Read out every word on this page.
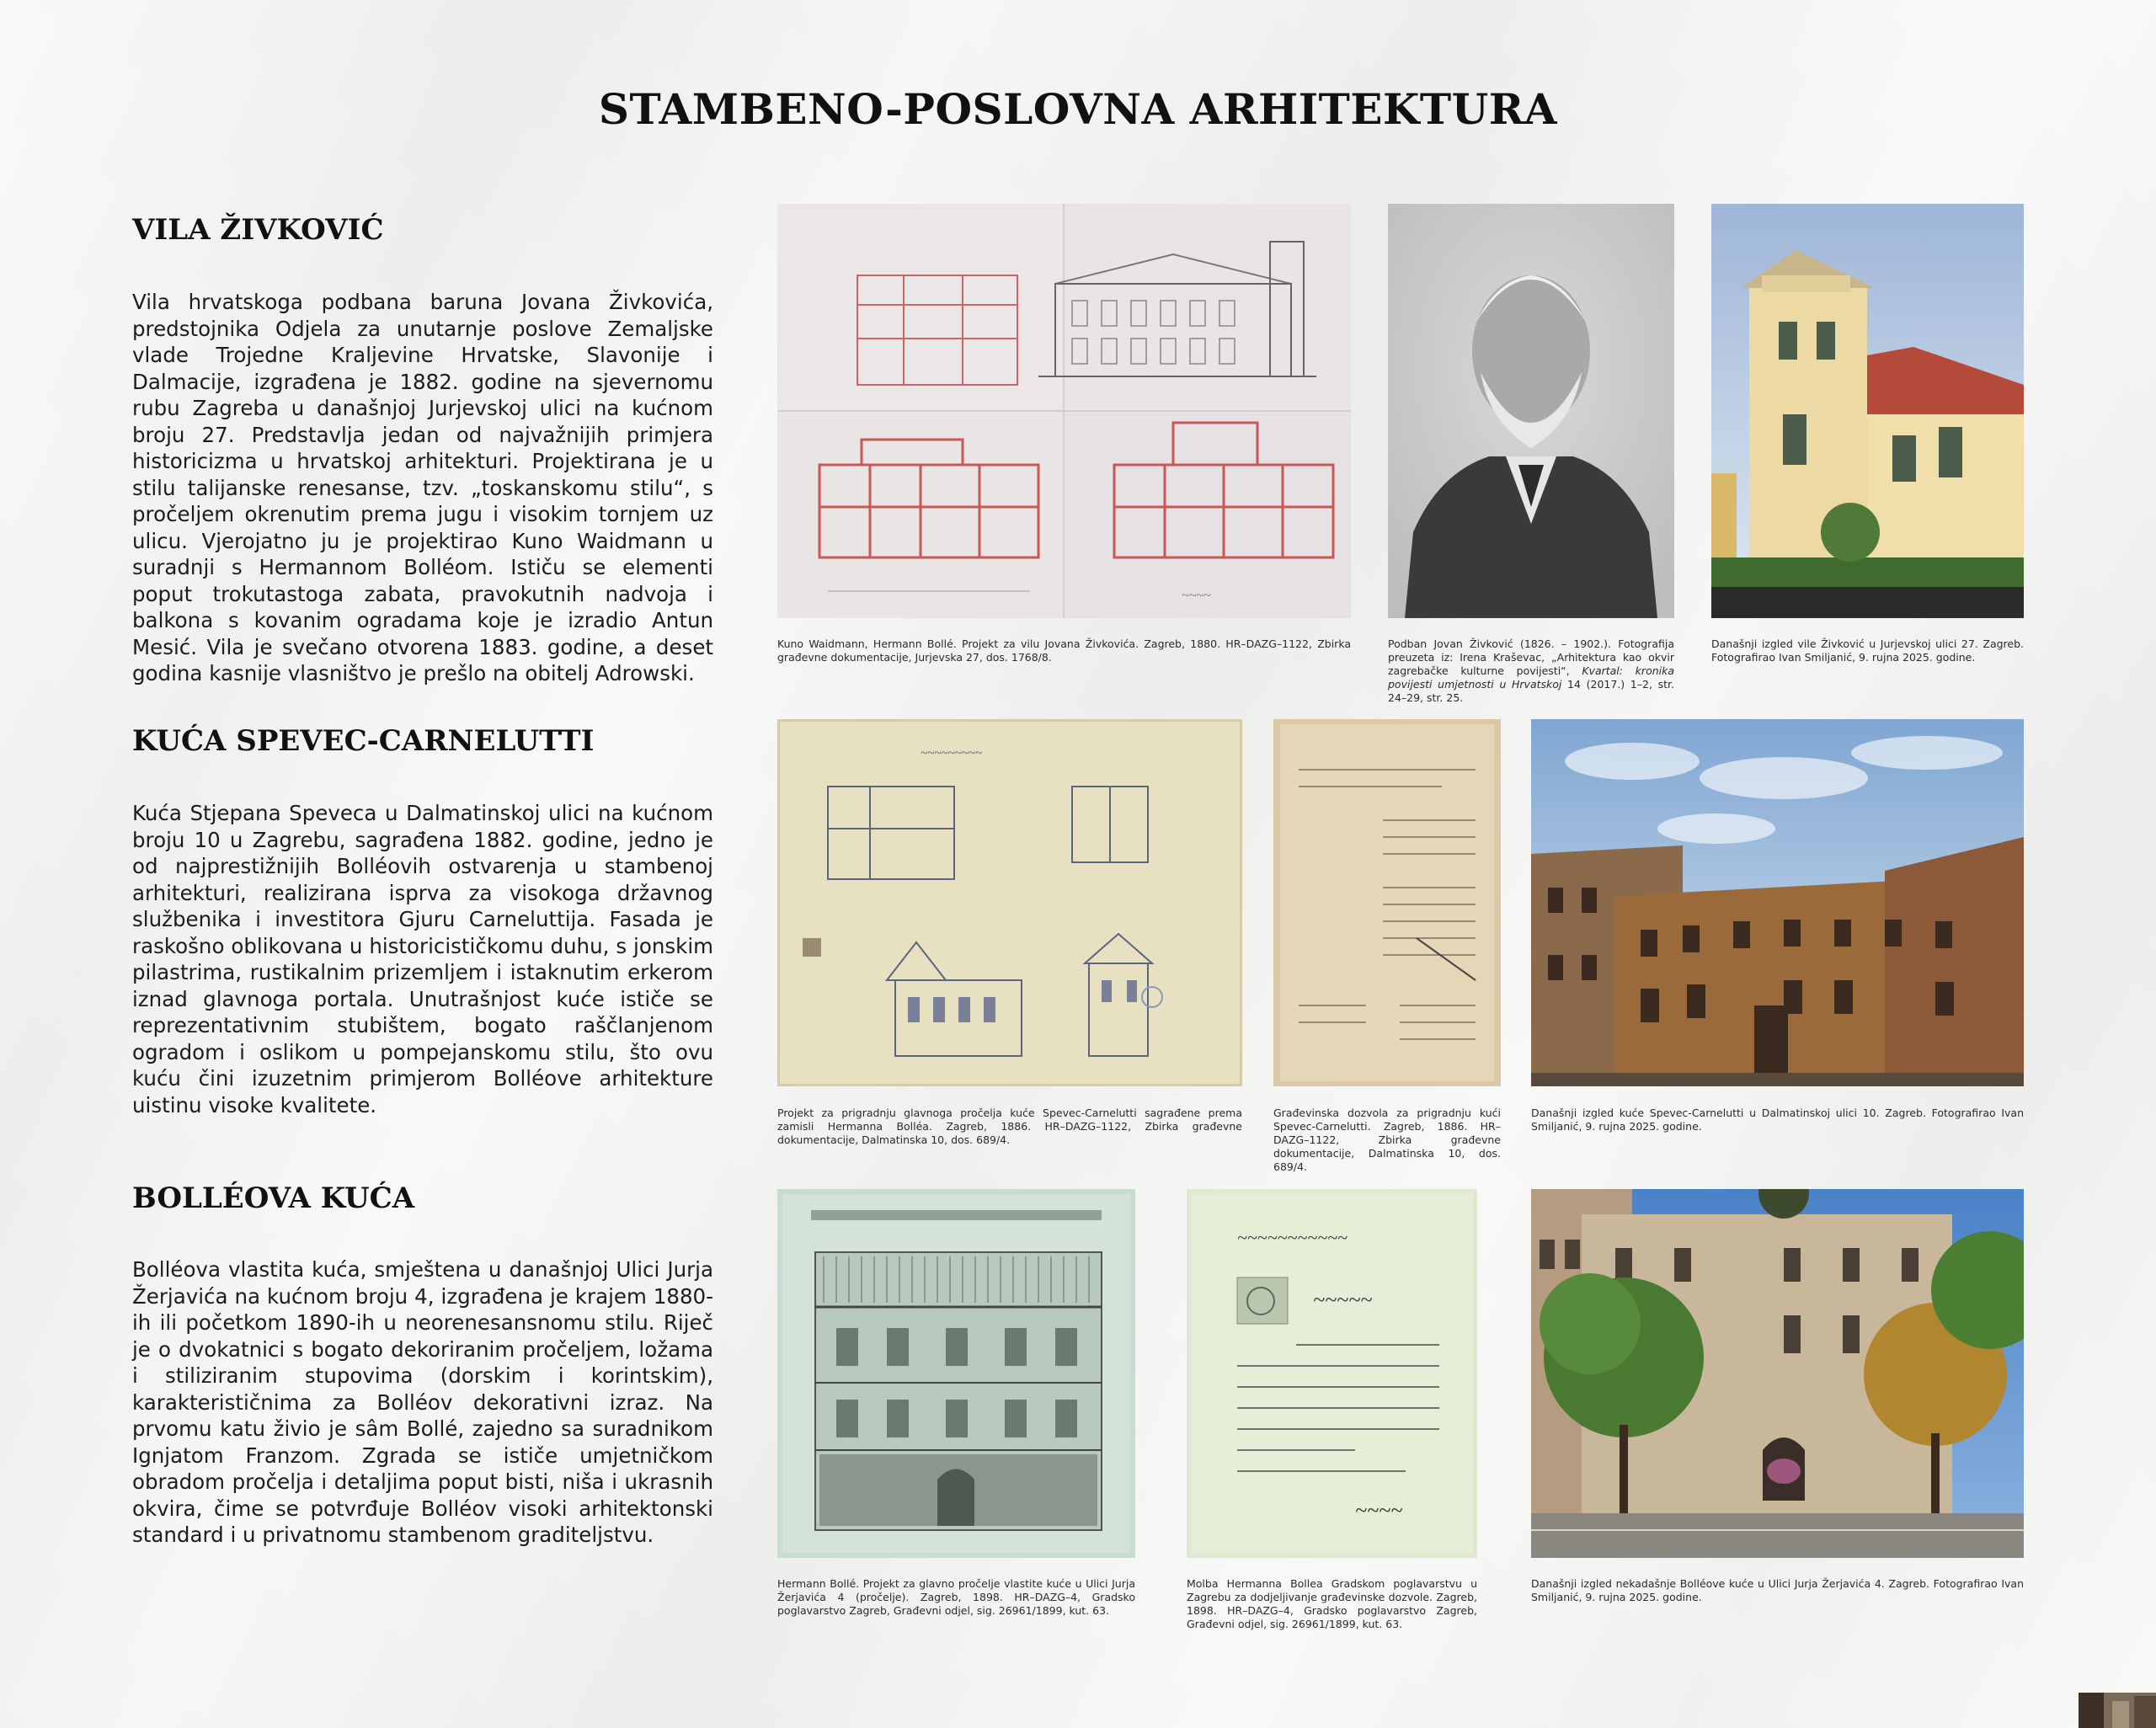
STAMBENO-POSLOVNA ARHITEKTURA
VILA ŽIVKOVIĆ
Vila hrvatskoga podbana baruna Jovana Živkovića, predstojnika Odjela za unutarnje poslove Zemaljske vlade Trojedne Kraljevine Hrvatske, Slavonije i Dalmacije, izgrađena je 1882. godine na sjevernomu rubu Zagreba u današnjoj Jurjevskoj ulici na kućnom broju 27. Predstavlja jedan od najvažnijih primjera historicizma u hrvatskoj arhitekturi. Projektirana je u stilu talijanske renesanse, tzv. „toskanskomu stilu“, s pročeljem okrenutim prema jugu i visokim tornjem uz ulicu. Vjerojatno ju je projektirao Kuno Waidmann u suradnji s Hermannom Bolléom. Ističu se elementi poput trokutastoga zabata, pravokutnih nadvoja i balkona s kovanim ogradama koje je izradio Antun Mesić. Vila je svečano otvorena 1883. godine, a deset godina kasnije vlasništvo je prešlo na obitelj Adrowski.
~~~~
Kuno Waidmann, Hermann Bollé. Projekt za vilu Jovana Živkovića. Zagreb, 1880. HR–DAZG–1122, Zbirka građevne dokumentacije, Jurjevska 27, dos. 1768/8.
Podban Jovan Živković (1826. – 1902.). Fotografija preuzeta iz: Irena Kraševac, „Arhitektura kao okvir zagrebačke kulturne povijesti“, Kvartal: kronika povijesti umjetnosti u Hrvatskoj 14 (2017.) 1–2, str. 24–29, str. 25.
Današnji izgled vile Živković u Jurjevskoj ulici 27. Zagreb. Fotografirao Ivan Smiljanić, 9. rujna 2025. godine.
KUĆA SPEVEC-CARNELUTTI
Kuća Stjepana Speveca u Dalmatinskoj ulici na kućnom broju 10 u Zagrebu, sagrađena 1882. godine, jedno je od najprestižnijih Bolléovih ostvarenja u stambenoj arhitekturi, realizirana isprva za visokoga državnog službenika i investitora Gjuru Carneluttija. Fasada je raskošno oblikovana u historicističkomu duhu, s jonskim pilastrima, rustikalnim prizemljem i istaknutim erkerom iznad glavnoga portala. Unutrašnjost kuće ističe se reprezentativnim stubištem, bogato raščlanjenom ogradom i oslikom u pompejanskomu stilu, što ovu kuću čini izuzetnim primjerom Bolléove arhitekture uistinu visoke kvalitete.
~~~~~~~~~
Projekt za prigradnju glavnoga pročelja kuće Spevec-Carnelutti sagrađene prema zamisli Hermanna Bolléa. Zagreb, 1886. HR–DAZG–1122, Zbirka građevne dokumentacije, Dalmatinska 10, dos. 689/4.
Građevinska dozvola za prigradnju kući Spevec-Carnelutti. Zagreb, 1886. HR–DAZG–1122, Zbirka građevne dokumentacije, Dalmatinska 10, dos. 689/4.
Današnji izgled kuće Spevec-Carnelutti u Dalmatinskoj ulici 10. Zagreb. Fotografirao Ivan Smiljanić, 9. rujna 2025. godine.
BOLLÉOVA KUĆA
Bolléova vlastita kuća, smještena u današnjoj Ulici Jurja Žerjavića na kućnom broju 4, izgrađena je krajem 1880-ih ili početkom 1890-ih u neorenesansnomu stilu. Riječ je o dvokatnici s bogato dekoriranim pročeljem, ložama i stiliziranim stupovima (dorskim i korintskim), karakterističnima za Bolléov dekorativni izraz. Na prvomu katu živio je sâm Bollé, zajedno sa suradnikom Ignjatom Franzom. Zgrada se ističe umjetničkom obradom pročelja i detaljima poput bisti, niša i ukrasnih okvira, čime se potvrđuje Bolléov visoki arhitektonski standard i u privatnomu stambenom graditeljstvu.
Hermann Bollé. Projekt za glavno pročelje vlastite kuće u Ulici Jurja Žerjavića 4 (pročelje). Zagreb, 1898. HR–DAZG–4, Gradsko poglavarstvo Zagreb, Građevni odjel, sig. 26961/1899, kut. 63.
~~~~~~~~~~~
~~~~~
~~~~
Molba Hermanna Bollea Gradskom poglavarstvu u Zagrebu za dodjeljivanje građevinske dozvole. Zagreb, 1898. HR–DAZG–4, Gradsko poglavarstvo Zagreb, Građevni odjel, sig. 26961/1899, kut. 63.
Današnji izgled nekadašnje Bolléove kuće u Ulici Jurja Žerjavića 4. Zagreb. Fotografirao Ivan Smiljanić, 9. rujna 2025. godine.
